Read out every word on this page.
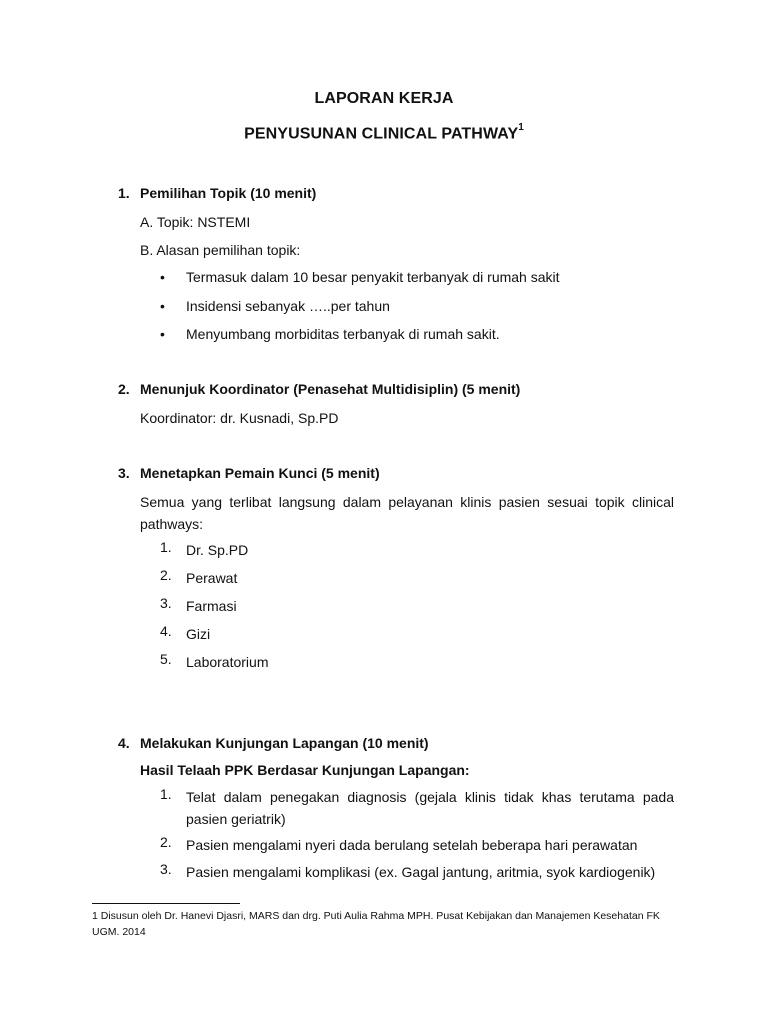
LAPORAN KERJA
PENYUSUNAN CLINICAL PATHWAY$^1$
1. Pemilihan Topik (10 menit)
A. Topik: NSTEMI
B. Alasan pemilihan topik:
• Termasuk dalam 10 besar penyakit terbanyak di rumah sakit
• Insidensi sebanyak …..per tahun
• Menyumbang morbiditas terbanyak di rumah sakit.
2. Menunjuk Koordinator (Penasehat Multidisiplin) (5 menit)
Koordinator: dr. Kusnadi, Sp.PD
3. Menetapkan Pemain Kunci (5 menit)
Semua yang terlibat langsung dalam pelayanan klinis pasien sesuai topik clinical pathways:
1. Dr. Sp.PD
2. Perawat
3. Farmasi
4. Gizi
5. Laboratorium
4. Melakukan Kunjungan Lapangan (10 menit)
Hasil Telaah PPK Berdasar Kunjungan Lapangan:
1. Telat dalam penegakan diagnosis (gejala klinis tidak khas terutama pada pasien geriatrik)
2. Pasien mengalami nyeri dada berulang setelah beberapa hari perawatan
3. Pasien mengalami komplikasi (ex. Gagal jantung, aritmia, syok kardiogenik)
1 Disusun oleh Dr. Hanevi Djasri, MARS dan drg. Puti Aulia Rahma MPH. Pusat Kebijakan dan Manajemen Kesehatan FK UGM. 2014
